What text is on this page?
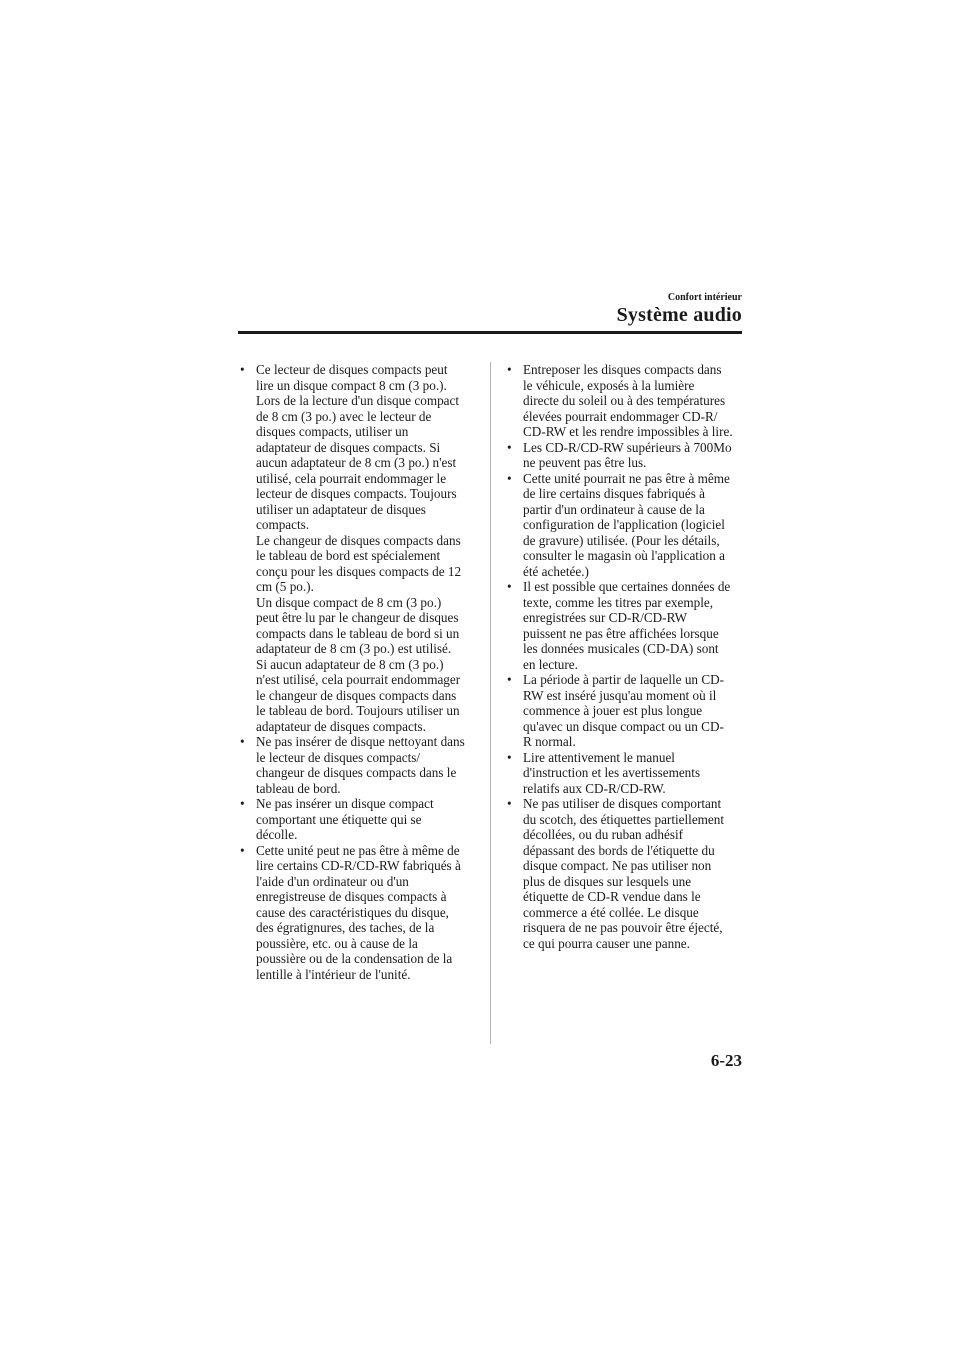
Confort intérieur
Système audio
• Ce lecteur de disques compacts peut
lire un disque compact 8 cm (3 po.).
Lors de la lecture d'un disque compact
de 8 cm (3 po.) avec le lecteur de
disques compacts, utiliser un
adaptateur de disques compacts. Si
aucun adaptateur de 8 cm (3 po.) n'est
utilisé, cela pourrait endommager le
lecteur de disques compacts. Toujours
utiliser un adaptateur de disques
compacts.
Le changeur de disques compacts dans
le tableau de bord est spécialement
conçu pour les disques compacts de 12
cm (5 po.).
Un disque compact de 8 cm (3 po.)
peut être lu par le changeur de disques
compacts dans le tableau de bord si un
adaptateur de 8 cm (3 po.) est utilisé.
Si aucun adaptateur de 8 cm (3 po.)
n'est utilisé, cela pourrait endommager
le changeur de disques compacts dans
le tableau de bord. Toujours utiliser un
adaptateur de disques compacts.
• Ne pas insérer de disque nettoyant dans
le lecteur de disques compacts/
changeur de disques compacts dans le
tableau de bord.
• Ne pas insérer un disque compact
comportant une étiquette qui se
décolle.
• Cette unité peut ne pas être à même de
lire certains CD-R/CD-RW fabriqués à
l'aide d'un ordinateur ou d'un
enregistreuse de disques compacts à
cause des caractéristiques du disque,
des égratignures, des taches, de la
poussière, etc. ou à cause de la
poussière ou de la condensation de la
lentille à l'intérieur de l'unité.
• Entreposer les disques compacts dans
le véhicule, exposés à la lumière
directe du soleil ou à des températures
élevées pourrait endommager CD-R/
CD-RW et les rendre impossibles à lire.
• Les CD-R/CD-RW supérieurs à 700Mo
ne peuvent pas être lus.
• Cette unité pourrait ne pas être à même
de lire certains disques fabriqués à
partir d'un ordinateur à cause de la
configuration de l'application (logiciel
de gravure) utilisée. (Pour les détails,
consulter le magasin où l'application a
été achetée.)
• Il est possible que certaines données de
texte, comme les titres par exemple,
enregistrées sur CD-R/CD-RW
puissent ne pas être affichées lorsque
les données musicales (CD-DA) sont
en lecture.
• La période à partir de laquelle un CD-
RW est inséré jusqu'au moment où il
commence à jouer est plus longue
qu'avec un disque compact ou un CD-
R normal.
• Lire attentivement le manuel
d'instruction et les avertissements
relatifs aux CD-R/CD-RW.
• Ne pas utiliser de disques comportant
du scotch, des étiquettes partiellement
décollées, ou du ruban adhésif
dépassant des bords de l'étiquette du
disque compact. Ne pas utiliser non
plus de disques sur lesquels une
étiquette de CD-R vendue dans le
commerce a été collée. Le disque
risquera de ne pas pouvoir être éjecté,
ce qui pourra causer une panne.
6-23
